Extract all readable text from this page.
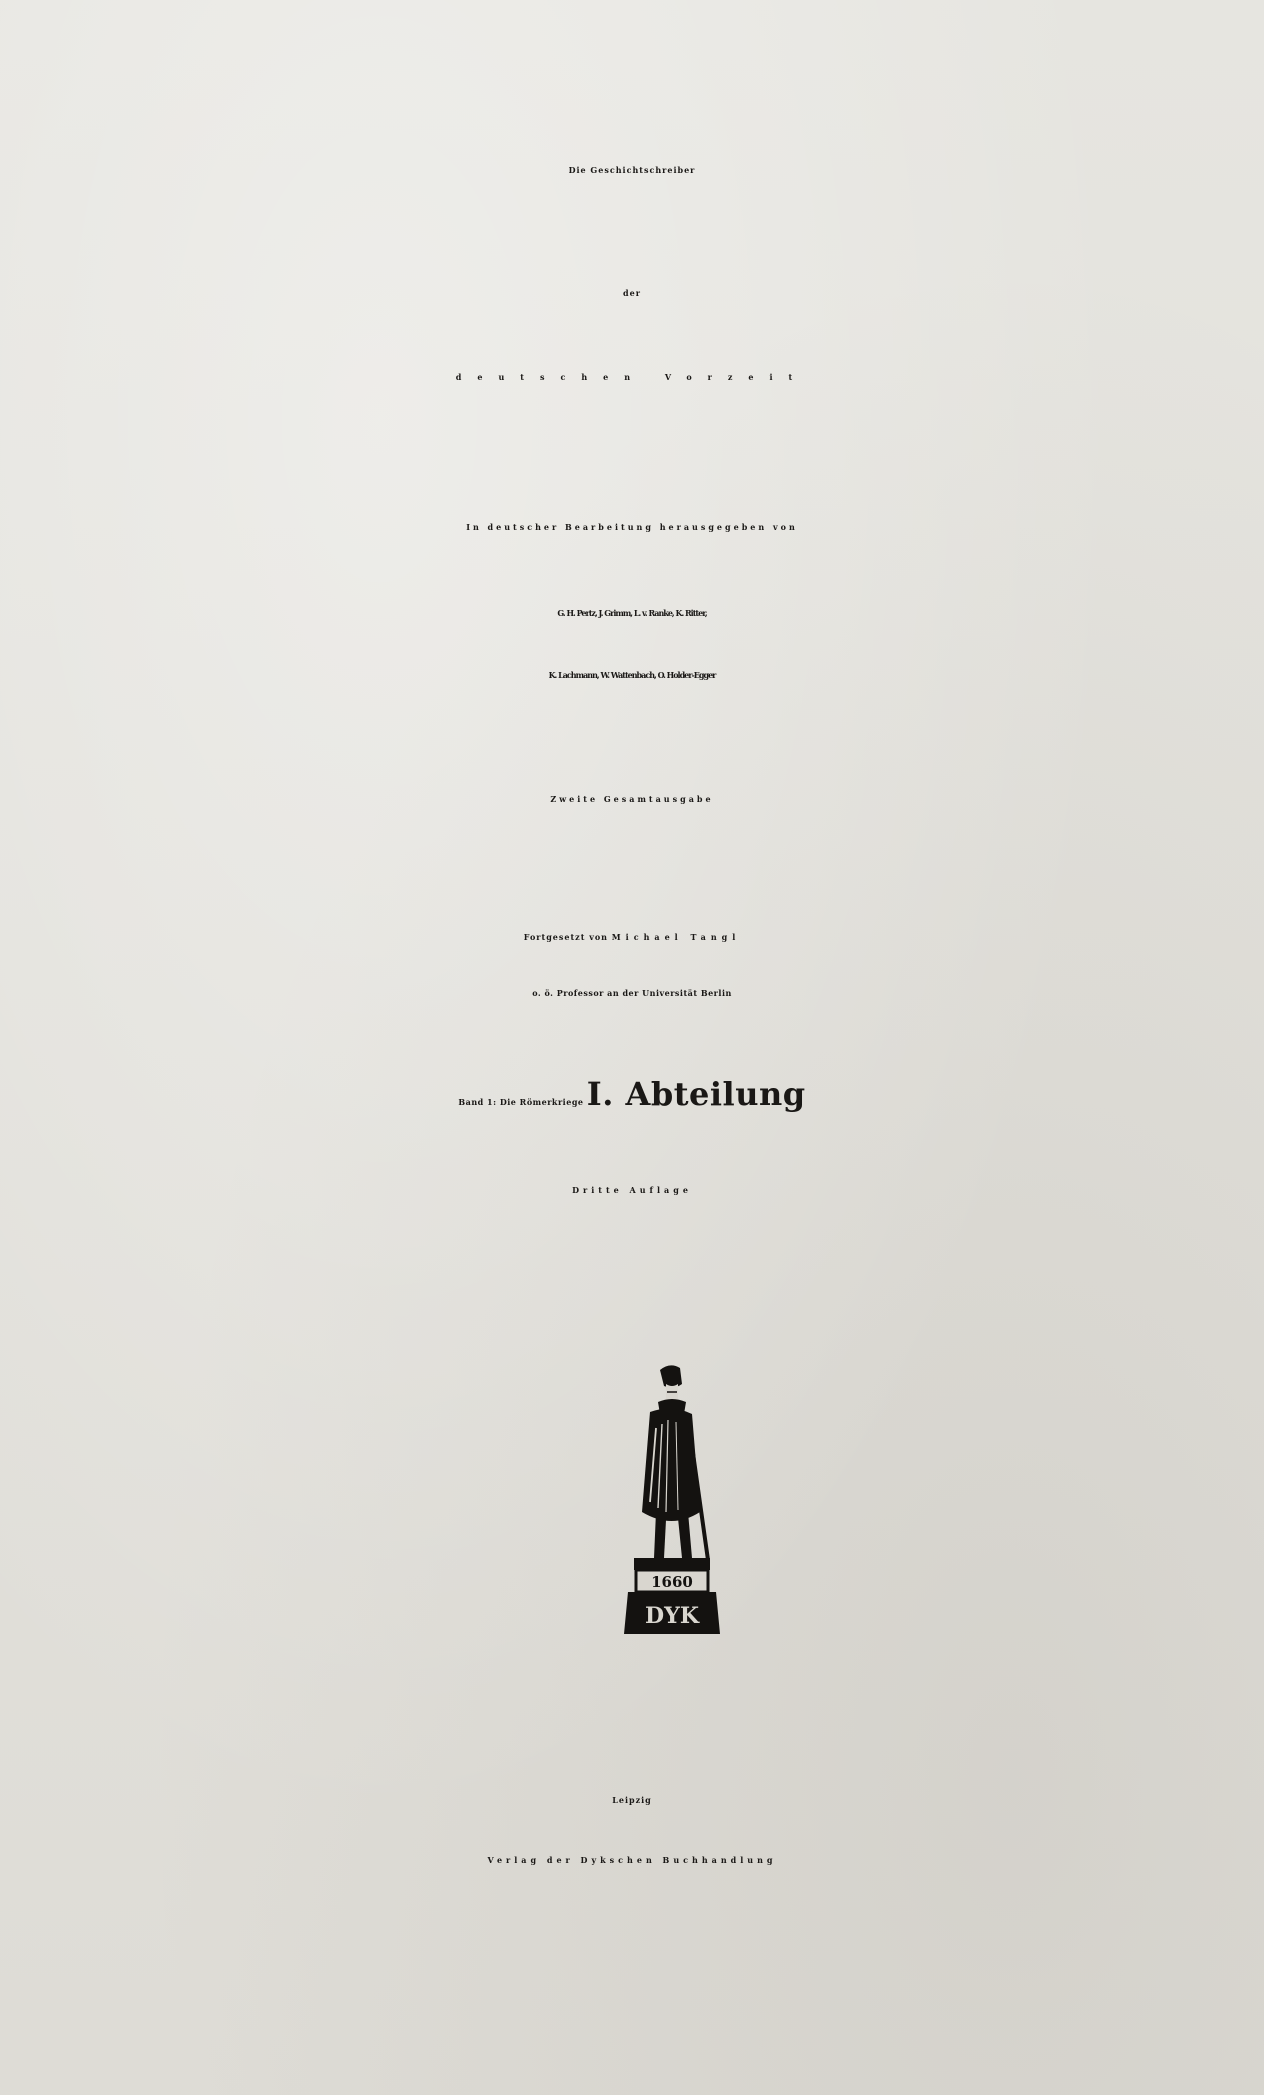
Die Geschichtschreiber
der
deutschen Vorzeit
In deutscher Bearbeitung herausgegeben von
G. H. Pertz, J. Grimm, L. v. Ranke, K. Ritter,
K. Lachmann, W. Wattenbach, O. Holder-Egger
Zweite Gesamtausgabe
Fortgesetzt von Michael Tangl
o. ö. Professor an der Universität Berlin
Band 1: Die Römerkriege I. Abteilung
Dritte Auflage
1660
DYK
Leipzig
Verlag der Dykschen Buchhandlung
